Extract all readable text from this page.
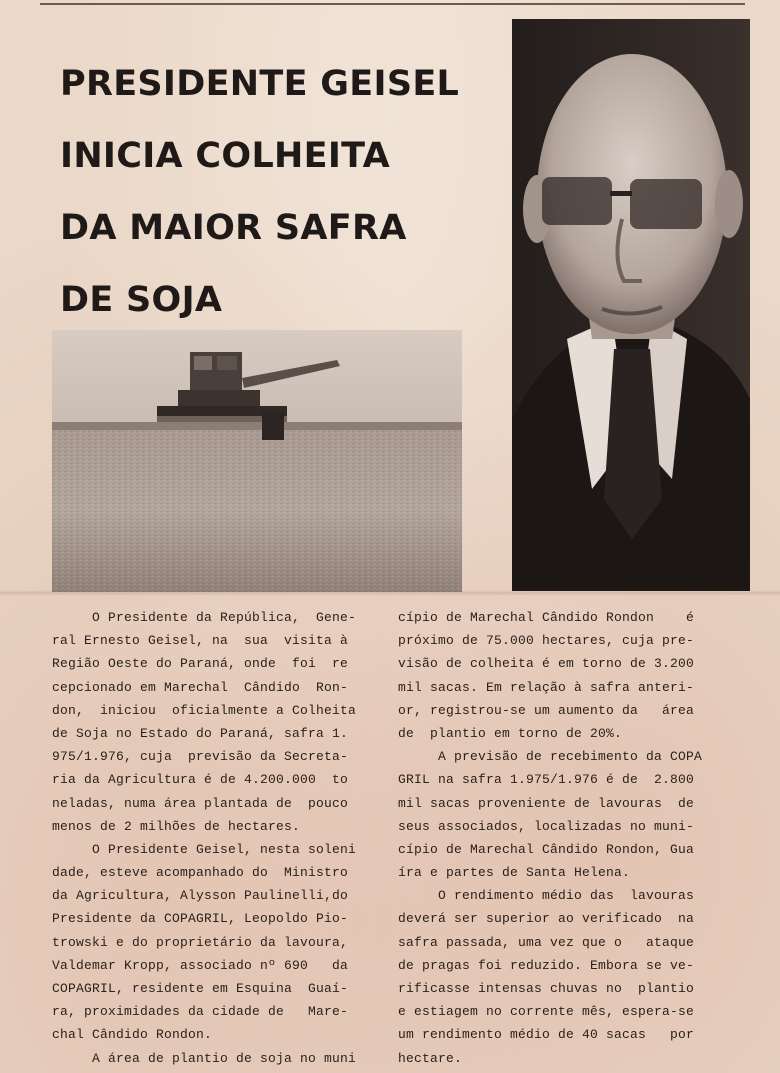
PRESIDENTE GEISEL
INICIA COLHEITA
DA MAIOR SAFRA
DE SOJA
O Presidente da República,  Gene-
ral Ernesto Geisel, na  sua  visita à
Região Oeste do Paraná, onde  foi  re
cepcionado em Marechal  Cândido  Ron-
don,  iniciou  oficialmente a Colheita
de Soja no Estado do Paraná, safra 1.
975/1.976, cuja  previsão da Secreta-
ria da Agricultura é de 4.200.000  to
neladas, numa área plantada de  pouco
menos de 2 milhões de hectares.
O Presidente Geisel, nesta soleni
dade, esteve acompanhado do  Ministro
da Agricultura, Alysson Paulinelli,do
Presidente da COPAGRIL, Leopoldo Pio-
trowski e do proprietário da lavoura,
Valdemar Kropp, associado nº 690   da
COPAGRIL, residente em Esquina  Guaí-
ra, proximidades da cidade de   Mare-
chal Cândido Rondon.
A área de plantio de soja no muni
cípio de Marechal Cândido Rondon    é
próximo de 75.000 hectares, cuja pre-
visão de colheita é em torno de 3.200
mil sacas. Em relação à safra anteri-
or, registrou-se um aumento da   área
de  plantio em torno de 20%.
A previsão de recebimento da COPA
GRIL na safra 1.975/1.976 é de  2.800
mil sacas proveniente de lavouras  de
seus associados, localizadas no muni-
cípio de Marechal Cândido Rondon, Gua
íra e partes de Santa Helena.
O rendimento médio das  lavouras
deverá ser superior ao verificado  na
safra passada, uma vez que o   ataque
de pragas foi reduzido. Embora se ve-
rificasse intensas chuvas no  plantio
e estiagem no corrente mês, espera-se
um rendimento médio de 40 sacas   por
hectare.
